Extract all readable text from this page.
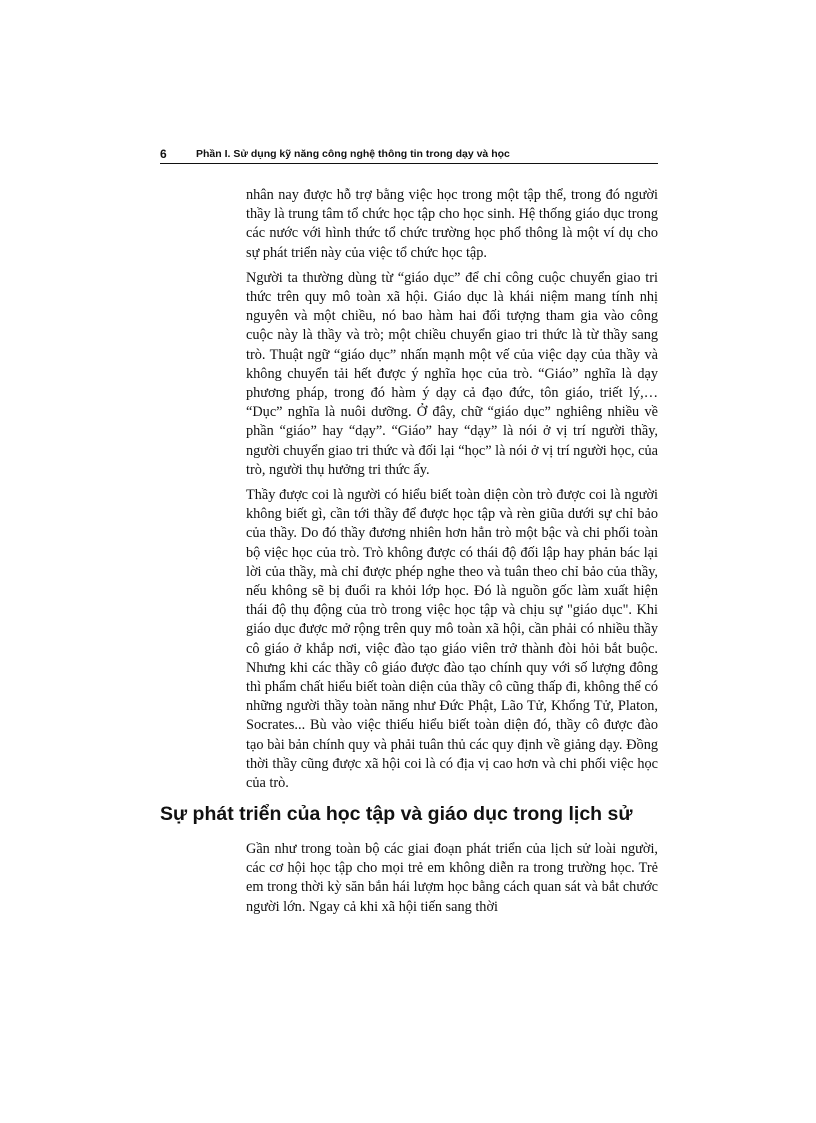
6	Phần I. Sử dụng kỹ năng công nghệ thông tin trong dạy và học

nhân nay được hỗ trợ bằng việc học trong một tập thể, trong đó người thầy là trung tâm tổ chức học tập cho học sinh. Hệ thống giáo dục trong các nước với hình thức tổ chức trường học phổ thông là một ví dụ cho sự phát triển này của việc tổ chức học tập.

Người ta thường dùng từ “giáo dục” để chỉ công cuộc chuyển giao tri thức trên quy mô toàn xã hội. Giáo dục là khái niệm mang tính nhị nguyên và một chiều, nó bao hàm hai đối tượng tham gia vào công cuộc này là thầy và trò; một chiều chuyển giao tri thức là từ thầy sang trò. Thuật ngữ “giáo dục” nhấn mạnh một vế của việc dạy của thầy và không chuyển tải hết được ý nghĩa học của trò. “Giáo” nghĩa là dạy phương pháp, trong đó hàm ý dạy cả đạo đức, tôn giáo, triết lý,… “Dục” nghĩa là nuôi dưỡng. Ở đây, chữ “giáo dục” nghiêng nhiều về phần “giáo” hay “dạy”. “Giáo” hay “dạy” là nói ở vị trí người thầy, người chuyển giao tri thức và đối lại “học” là nói ở vị trí người học, của trò, người thụ hưởng tri thức ấy.

Thầy được coi là người có hiểu biết toàn diện còn trò được coi là người không biết gì, cần tới thầy để được học tập và rèn giũa dưới sự chỉ bảo của thầy. Do đó thầy đương nhiên hơn hẳn trò một bậc và chi phối toàn bộ việc học của trò. Trò không được có thái độ đối lập hay phản bác lại lời của thầy, mà chỉ được phép nghe theo và tuân theo chỉ bảo của thầy, nếu không sẽ bị đuổi ra khỏi lớp học. Đó là nguồn gốc làm xuất hiện thái độ thụ động của trò trong việc học tập và chịu sự "giáo dục". Khi giáo dục được mở rộng trên quy mô toàn xã hội, cần phải có nhiều thầy cô giáo ở khắp nơi, việc đào tạo giáo viên trở thành đòi hỏi bắt buộc. Nhưng khi các thầy cô giáo được đào tạo chính quy với số lượng đông thì phẩm chất hiểu biết toàn diện của thầy cô cũng thấp đi, không thể có những người thầy toàn năng như Đức Phật, Lão Tử, Khổng Tử, Platon, Socrates... Bù vào việc thiếu hiểu biết toàn diện đó, thầy cô được đào tạo bài bản chính quy và phải tuân thủ các quy định về giảng dạy. Đồng thời thầy cũng được xã hội coi là có địa vị cao hơn và chi phối việc học của trò.

Sự phát triển của học tập và giáo dục trong lịch sử

Gần như trong toàn bộ các giai đoạn phát triển của lịch sử loài người, các cơ hội học tập cho mọi trẻ em không diễn ra trong trường học. Trẻ em trong thời kỳ săn bắn hái lượm học bằng cách quan sát và bắt chước người lớn. Ngay cả khi xã hội tiến sang thời
